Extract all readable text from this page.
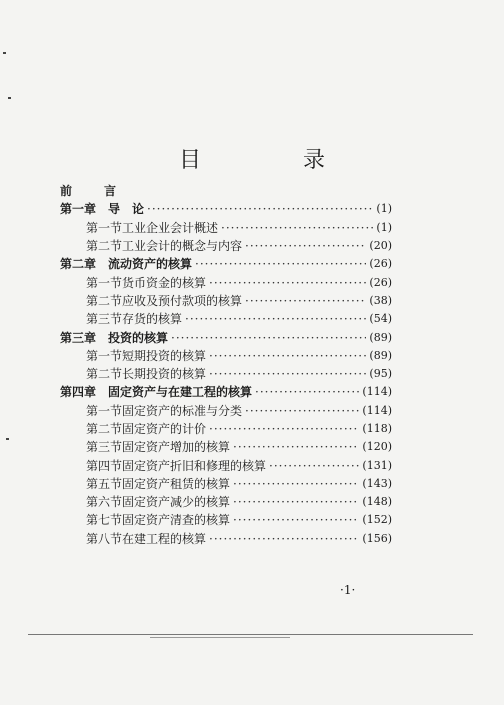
目　录
前　言
第一章 导　论 ·····	(1)
第一节 工业企业会计概述 ·····	(1)
第二节 工业会计的概念与内容 ·····	(20)
第二章 流动资产的核算 ·····	(26)
第一节 货币资金的核算 ·····	(26)
第二节 应收及预付款项的核算 ·····	(38)
第三节 存货的核算 ·····	(54)
第三章 投资的核算 ·····	(89)
第一节 短期投资的核算 ·····	(89)
第二节 长期投资的核算 ·····	(95)
第四章 固定资产与在建工程的核算 ·····	(114)
第一节 固定资产的标准与分类 ·····	(114)
第二节 固定资产的计价 ·····	(118)
第三节 固定资产增加的核算 ·····	(120)
第四节 固定资产折旧和修理的核算 ·····	(131)
第五节 固定资产租赁的核算 ·····	(143)
第六节 固定资产减少的核算 ·····	(148)
第七节 固定资产清查的核算 ·····	(152)
第八节 在建工程的核算 ·····	(156)
·1·
